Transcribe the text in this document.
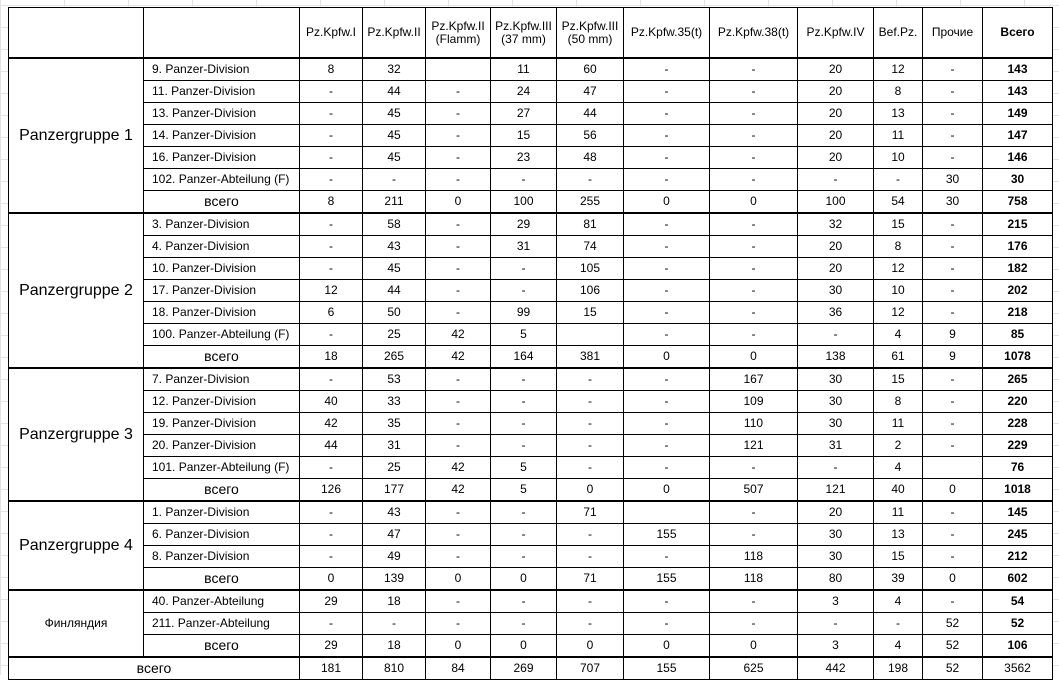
		Pz.Kpfw.I	Pz.Kpfw.II	Pz.Kpfw.II (Flamm)	Pz.Kpfw.III (37 mm)	Pz.Kpfw.III (50 mm)	Pz.Kpfw.35(t)	Pz.Kpfw.38(t)	Pz.Kpfw.IV	Bef.Pz.	Прочие	Всего
Panzergruppe 1	9. Panzer-Division	8	32		11	60	-	-	20	12	-	143
	11. Panzer-Division	-	44	-	24	47	-	-	20	8	-	143
	13. Panzer-Division	-	45	-	27	44	-	-	20	13	-	149
	14. Panzer-Division	-	45	-	15	56	-	-	20	11	-	147
	16. Panzer-Division	-	45	-	23	48	-	-	20	10	-	146
	102. Panzer-Abteilung (F)	-	-	-	-	-	-	-	-	-	30	30
	всего	8	211	0	100	255	0	0	100	54	30	758
Panzergruppe 2	3. Panzer-Division	-	58	-	29	81	-	-	32	15	-	215
	4. Panzer-Division	-	43	-	31	74	-	-	20	8	-	176
	10. Panzer-Division	-	45	-	-	105	-	-	20	12	-	182
	17. Panzer-Division	12	44	-	-	106	-	-	30	10	-	202
	18. Panzer-Division	6	50	-	99	15	-	-	36	12	-	218
	100. Panzer-Abteilung (F)	-	25	42	5		-	-	-	4	9	85
	всего	18	265	42	164	381	0	0	138	61	9	1078
Panzergruppe 3	7. Panzer-Division	-	53	-	-	-	-	167	30	15	-	265
	12. Panzer-Division	40	33	-	-	-	-	109	30	8	-	220
	19. Panzer-Division	42	35	-	-	-	-	110	30	11	-	228
	20. Panzer-Division	44	31	-	-	-	-	121	31	2	-	229
	101. Panzer-Abteilung (F)	-	25	42	5	-	-	-	-	4		76
	всего	126	177	42	5	0	0	507	121	40	0	1018
Panzergruppe 4	1. Panzer-Division	-	43	-	-	71		-	20	11	-	145
	6. Panzer-Division	-	47	-	-	-	155	-	30	13	-	245
	8. Panzer-Division	-	49	-	-	-	-	118	30	15	-	212
	всего	0	139	0	0	71	155	118	80	39	0	602
Финляндия	40. Panzer-Abteilung	29	18	-	-	-	-	-	3	4	-	54
	211. Panzer-Abteilung	-	-	-	-	-	-	-	-	-	52	52
	всего	29	18	0	0	0	0	0	3	4	52	106
всего		181	810	84	269	707	155	625	442	198	52	3562
